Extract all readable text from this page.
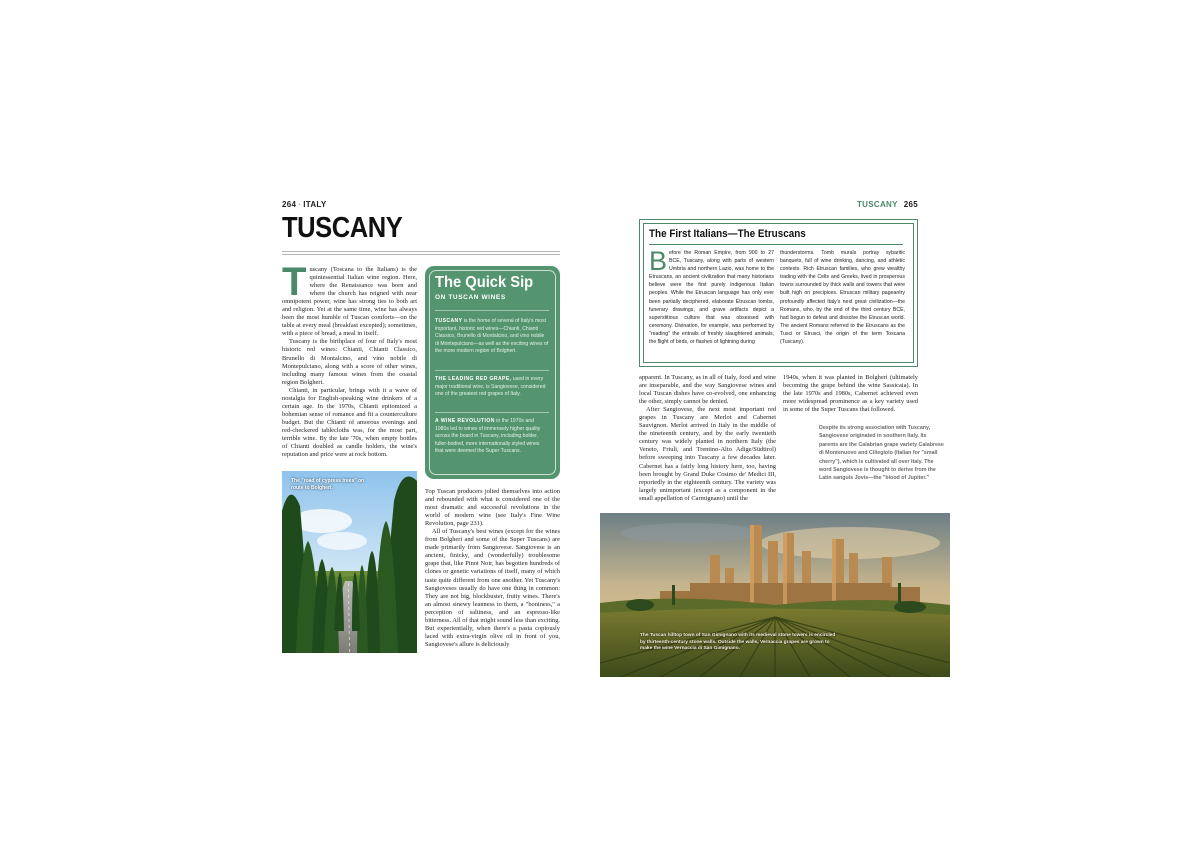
264 · ITALY	TUSCANY 265
TUSCANY

Tuscany (Toscana to the Italians) is the quintessential Italian wine region. Here, where the Renaissance was born and where the church has reigned with near omnipotent power, wine has strong ties to both art and religion. Yet at the same time, wine has always been the most humble of Tuscan comforts—on the table at every meal (breakfast excepted); sometimes, with a piece of bread, a meal in itself.

Tuscany is the birthplace of four of Italy's most historic red wines: Chianti, Chianti Classico, Brunello di Montalcino, and vino nobile di Montepulciano, along with a score of other wines, including many famous wines from the coastal region Bolgheri.

Chianti, in particular, brings with it a wave of nostalgia for English-speaking wine drinkers of a certain age. In the 1970s, Chianti epitomized a bohemian sense of romance and fit a counterculture budget. But the Chianti of amorous evenings and red-checkered tablecloths was, for the most part, terrible wine. By the late '70s, when empty bottles of Chianti doubled as candle holders, the wine's reputation and price were at rock bottom.

The Quick Sip
ON TUSCAN WINES
TUSCANY is the home of several of Italy's most important, historic red wines—Chianti, Chianti Classico, Brunello di Montalcino, and vino nobile di Montepulciano—as well as the exciting wines of the more modern region of Bolgheri.
THE LEADING RED GRAPE, used in every major traditional wine, is Sangiovese, considered one of the greatest red grapes of Italy.
A WINE REVOLUTION in the 1970s and 1980s led to wines of immensely higher quality across the board in Tuscany, including bolder, fuller-bodied, more internationally styled wines that were deemed the Super Tuscans.
The "road of cypress trees" on route to Bolgheri.

Top Tuscan producers jolted themselves into action and rebounded with what is considered one of the most dramatic and successful revolutions in the world of modern wine (see Italy's Fine Wine Revolution, page 231).

All of Tuscany's best wines (except for the wines from Bolgheri and some of the Super Tuscans) are made primarily from Sangiovese. Sangiovese is an ancient, finicky, and (wonderfully) troublesome grape that, like Pinot Noir, has begotten hundreds of clones or genetic variations of itself, many of which taste quite different from one another. Yet Tuscany's Sangioveses usually do have one thing in common: They are not big, blockbuster, fruity wines. There's an almost sinewy leanness to them, a "boniness," a perception of saltiness, and an espresso-like bitterness. All of that might sound less than exciting. But experientially, when there's a pasta copiously laced with extra-virgin olive oil in front of you, Sangiovese's allure is deliciously

The First Italians—The Etruscans
Before the Roman Empire, from 900 to 27 BCE, Tuscany, along with parts of western Umbria and northern Lazio, was home to the Etruscans, an ancient civilization that many historians believe were the first purely indigenous Italian peoples. While the Etruscan language has only ever been partially deciphered, elaborate Etruscan tombs, funerary drawings, and grave artifacts depict a superstitious culture that was obsessed with ceremony. Divination, for example, was performed by "reading" the entrails of freshly slaughtered animals, the flight of birds, or flashes of lightning during
thunderstorms. Tomb murals portray sybaritic banquets, full of wine drinking, dancing, and athletic contests. Rich Etruscan families, who grew wealthy trading with the Celts and Greeks, lived in prosperous towns surrounded by thick walls and towers that were built high on precipices. Etruscan military pageantry profoundly affected Italy's next great civilization—the Romans, who, by the end of the third century BCE, had begun to defeat and dissolve the Etruscan world. The ancient Romans referred to the Etruscans as the Tusci or Etrusci, the origin of the term Toscana (Tuscany).

apparent. In Tuscany, as in all of Italy, food and wine are inseparable, and the way Sangiovese wines and local Tuscan dishes have co-evolved, one enhancing the other, simply cannot be denied.

After Sangiovese, the next most important red grapes in Tuscany are Merlot and Cabernet Sauvignon. Merlot arrived in Italy in the middle of the nineteenth century, and by the early twentieth century was widely planted in northern Italy (the Veneto, Friuli, and Trentino-Alto Adige/Südtirol) before sweeping into Tuscany a few decades later. Cabernet has a fairly long history here, too, having been brought by Grand Duke Cosimo de' Medici III, reportedly in the eighteenth century. The variety was largely unimportant (except as a component in the small appellation of Carmignano) until the

1940s, when it was planted in Bolgheri (ultimately becoming the grape behind the wine Sassicaia). In the late 1970s and 1980s, Cabernet achieved even more widespread prominence as a key variety used in some of the Super Tuscans that followed.

Despite its strong association with Tuscany, Sangiovese originated in southern Italy. Its parents are the Calabrian grape variety Calabrese di Montenuovo and Ciliegiolo (Italian for "small cherry"), which is cultivated all over Italy. The word Sangiovese is thought to derive from the Latin sanguis Jovis—the "blood of Jupiter."
The Tuscan hilltop town of San Gimignano with its medieval stone towers is encircled by thirteenth-century stone walls. Outside the walls, Vernaccia grapes are grown to make the wine Vernaccia di San Gimignano.
